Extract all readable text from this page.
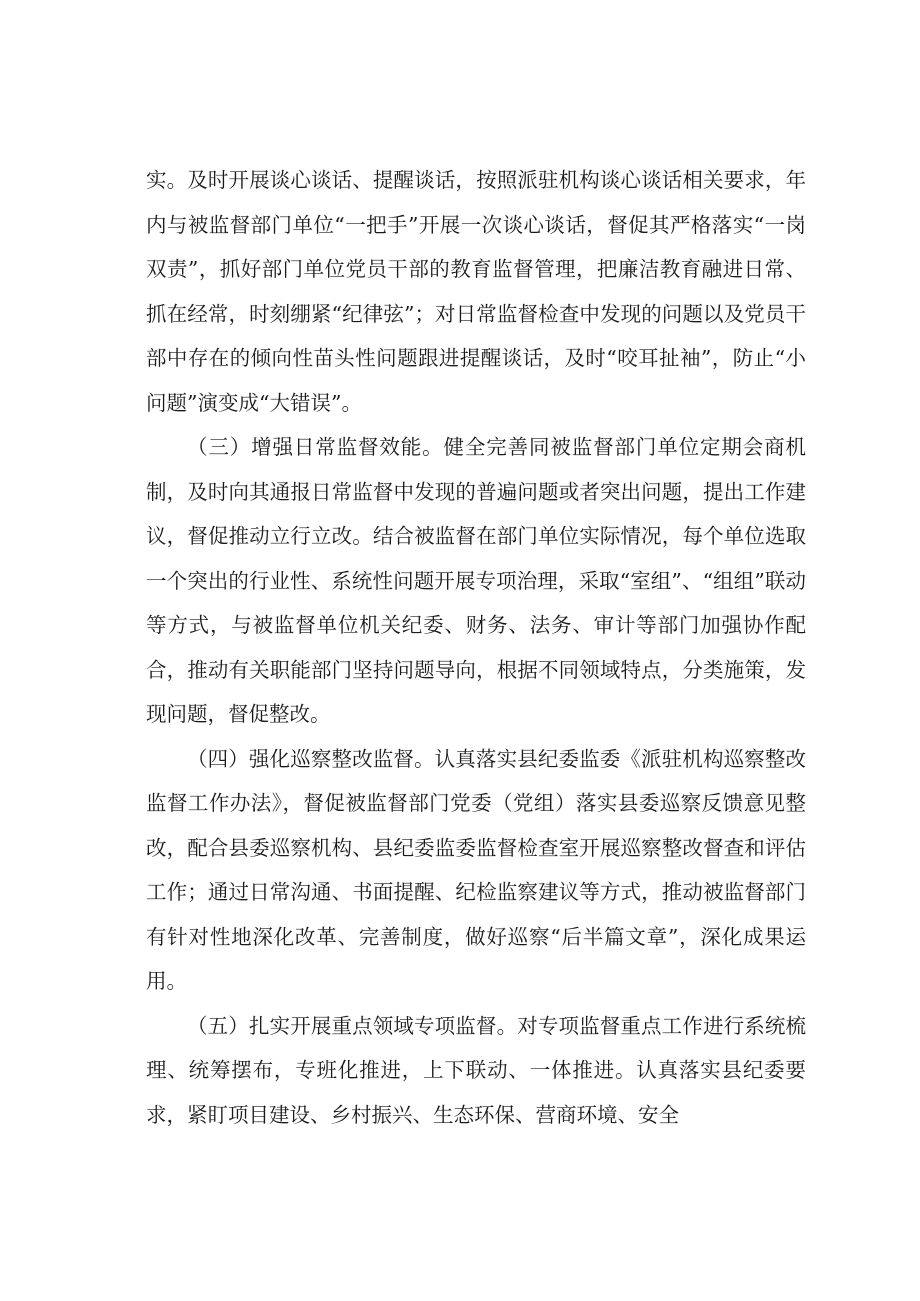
实。及时开展谈心谈话、提醒谈话，按照派驻机构谈心谈话相关要求，年内与被监督部门单位“一把手”开展一次谈心谈话，督促其严格落实“一岗双责”，抓好部门单位党员干部的教育监督管理，把廉洁教育融进日常、抓在经常，时刻绷紧“纪律弦”；对日常监督检查中发现的问题以及党员干部中存在的倾向性苗头性问题跟进提醒谈话，及时“咬耳扯袖”，防止“小问题”演变成“大错误”。

（三）增强日常监督效能。健全完善同被监督部门单位定期会商机制，及时向其通报日常监督中发现的普遍问题或者突出问题，提出工作建议，督促推动立行立改。结合被监督在部门单位实际情况，每个单位选取一个突出的行业性、系统性问题开展专项治理，采取“室组”、“组组”联动等方式，与被监督单位机关纪委、财务、法务、审计等部门加强协作配合，推动有关职能部门坚持问题导向，根据不同领域特点，分类施策，发现问题，督促整改。

（四）强化巡察整改监督。认真落实县纪委监委《派驻机构巡察整改监督工作办法》，督促被监督部门党委（党组）落实县委巡察反馈意见整改，配合县委巡察机构、县纪委监委监督检查室开展巡察整改督查和评估工作；通过日常沟通、书面提醒、纪检监察建议等方式，推动被监督部门有针对性地深化改革、完善制度，做好巡察“后半篇文章”，深化成果运用。

（五）扎实开展重点领域专项监督。对专项监督重点工作进行系统梳理、统筹摆布，专班化推进，上下联动、一体推进。认真落实县纪委要求，紧盯项目建设、乡村振兴、生态环保、营商环境、安全
